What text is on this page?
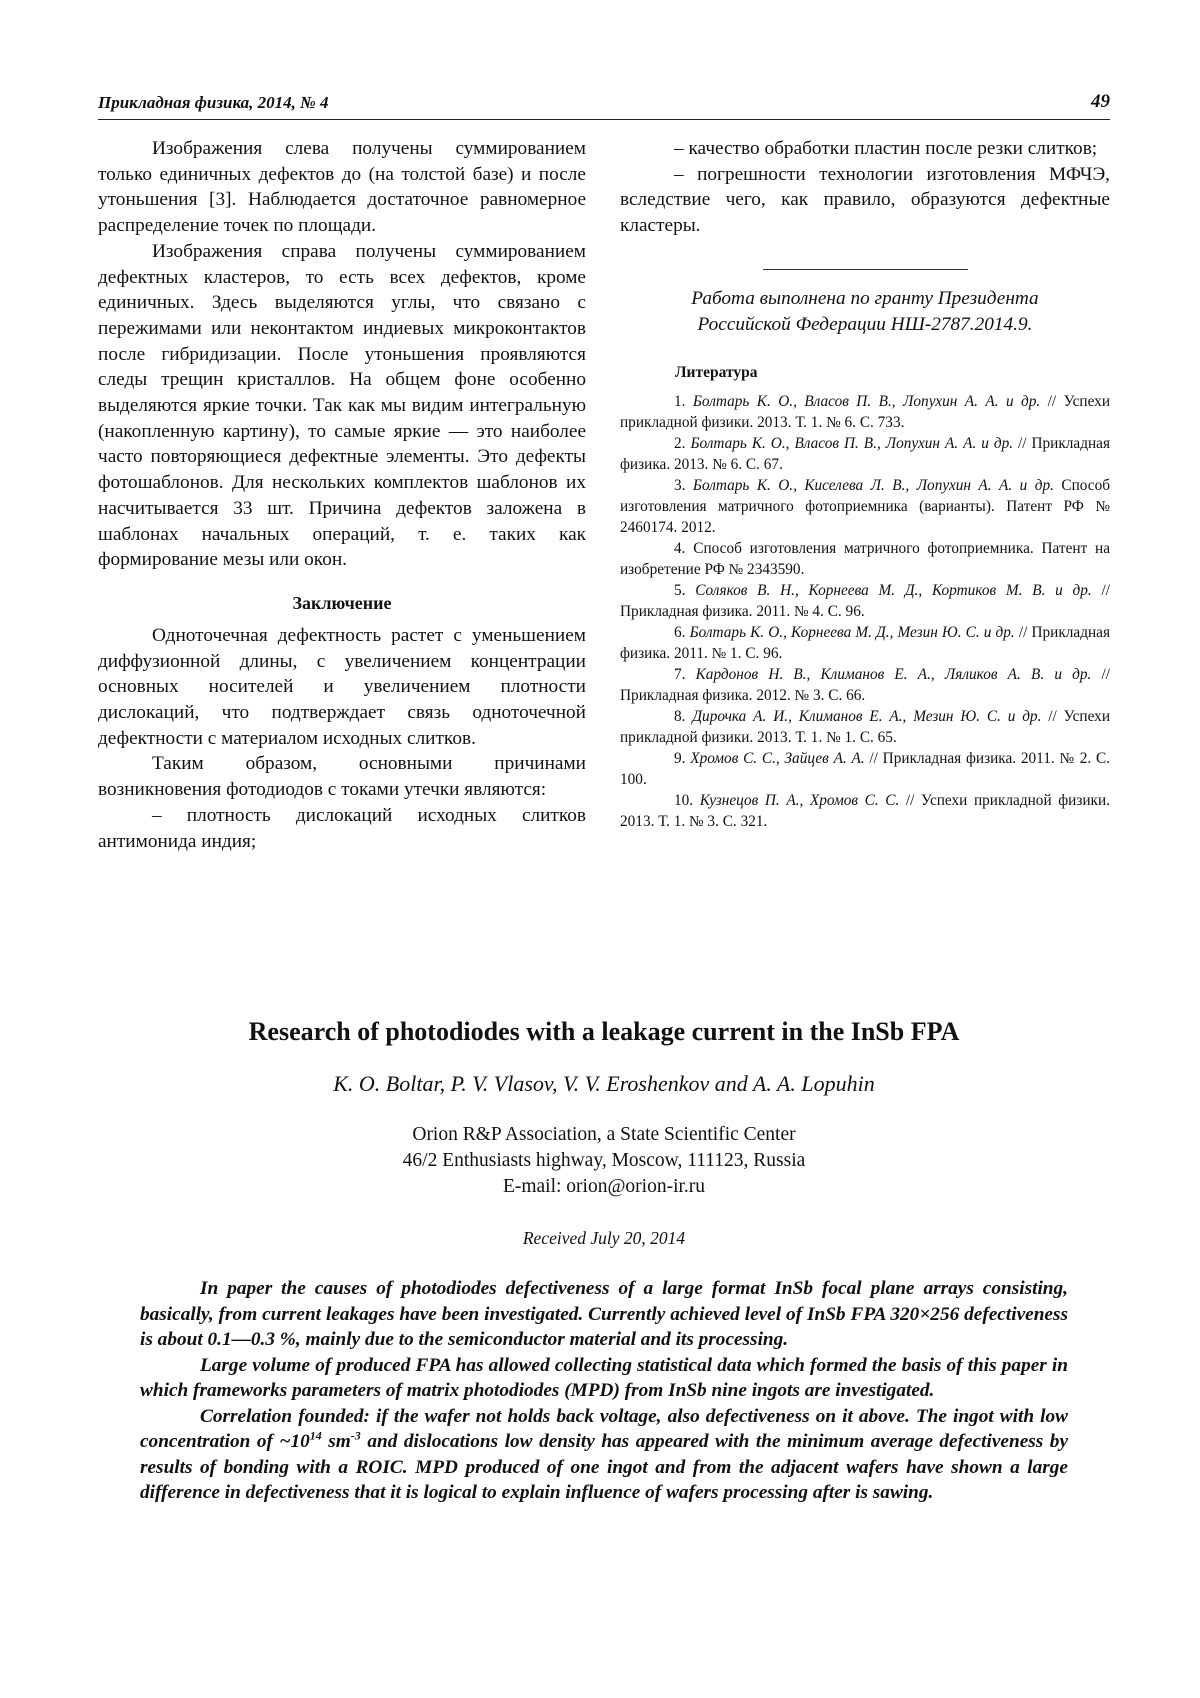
Прикладная физика, 2014, № 4	49

Изображения слева получены суммированием только единичных дефектов до (на толстой базе) и после утоньшения [3]. Наблюдается достаточное равномерное распределение точек по площади.

Изображения справа получены суммированием дефектных кластеров, то есть всех дефектов, кроме единичных. Здесь выделяются углы, что связано с пережимами или неконтактом индиевых микроконтактов после гибридизации. После утоньшения проявляются следы трещин кристаллов. На общем фоне особенно выделяются яркие точки. Так как мы видим интегральную (накопленную картину), то самые яркие — это наиболее часто повторяющиеся дефектные элементы. Это дефекты фотошаблонов. Для нескольких комплектов шаблонов их насчитывается 33 шт. Причина дефектов заложена в шаблонах начальных операций, т. е. таких как формирование мезы или окон.

Заключение

Одноточечная дефектность растет с уменьшением диффузионной длины, с увеличением концентрации основных носителей и увеличением плотности дислокаций, что подтверждает связь одноточечной дефектности с материалом исходных слитков.

Таким образом, основными причинами возникновения фотодиодов с токами утечки являются:

– плотность дислокаций исходных слитков антимонида индия;

– качество обработки пластин после резки слитков;

– погрешности технологии изготовления МФЧЭ, вследствие чего, как правило, образуются дефектные кластеры.

Работа выполнена по гранту Президента
Российской Федерации НШ-2787.2014.9.
Литература

1. Болтарь К. О., Власов П. В., Лопухин А. А. и др. // Успехи прикладной физики. 2013. Т. 1. № 6. С. 733.

2. Болтарь К. О., Власов П. В., Лопухин А. А. и др. // Прикладная физика. 2013. № 6. С. 67.

3. Болтарь К. О., Киселева Л. В., Лопухин А. А. и др. Способ изготовления матричного фотоприемника (варианты). Патент РФ № 2460174. 2012.

4. Способ изготовления матричного фотоприемника. Патент на изобретение РФ № 2343590.

5. Соляков В. Н., Корнеева М. Д., Кортиков М. В. и др. // Прикладная физика. 2011. № 4. С. 96.

6. Болтарь К. О., Корнеева М. Д., Мезин Ю. С. и др. // Прикладная физика. 2011. № 1. С. 96.

7. Кардонов Н. В., Климанов Е. А., Ляликов А. В. и др. // Прикладная физика. 2012. № 3. С. 66.

8. Дирочка А. И., Климанов Е. А., Мезин Ю. С. и др. // Успехи прикладной физики. 2013. Т. 1. № 1. С. 65.

9. Хромов С. С., Зайцев А. А. // Прикладная физика. 2011. № 2. С. 100.

10. Кузнецов П. А., Хромов С. С. // Успехи прикладной физики. 2013. Т. 1. № 3. С. 321.

Research of photodiodes with a leakage current in the InSb FPA
K. O. Boltar, P. V. Vlasov, V. V. Eroshenkov and A. A. Lopuhin
Orion R&P Association, a State Scientific Center
46/2 Enthusiasts highway, Moscow, 111123, Russia
E-mail: orion@orion-ir.ru
Received July 20, 2014

In paper the causes of photodiodes defectiveness of a large format InSb focal plane arrays consisting, basically, from current leakages have been investigated. Currently achieved level of InSb FPA 320×256 defectiveness is about 0.1—0.3 %, mainly due to the semiconductor material and its processing.

Large volume of produced FPA has allowed collecting statistical data which formed the basis of this paper in which frameworks parameters of matrix photodiodes (MPD) from InSb nine ingots are investigated.

Correlation founded: if the wafer not holds back voltage, also defectiveness on it above. The ingot with low concentration of $\sim 10^{14}$ $sm^{-3}$ and dislocations low density has appeared with the minimum average defectiveness by results of bonding with a ROIC. MPD produced of one ingot and from the adjacent wafers have shown a large difference in defectiveness that it is logical to explain influence of wafers processing after is sawing.
